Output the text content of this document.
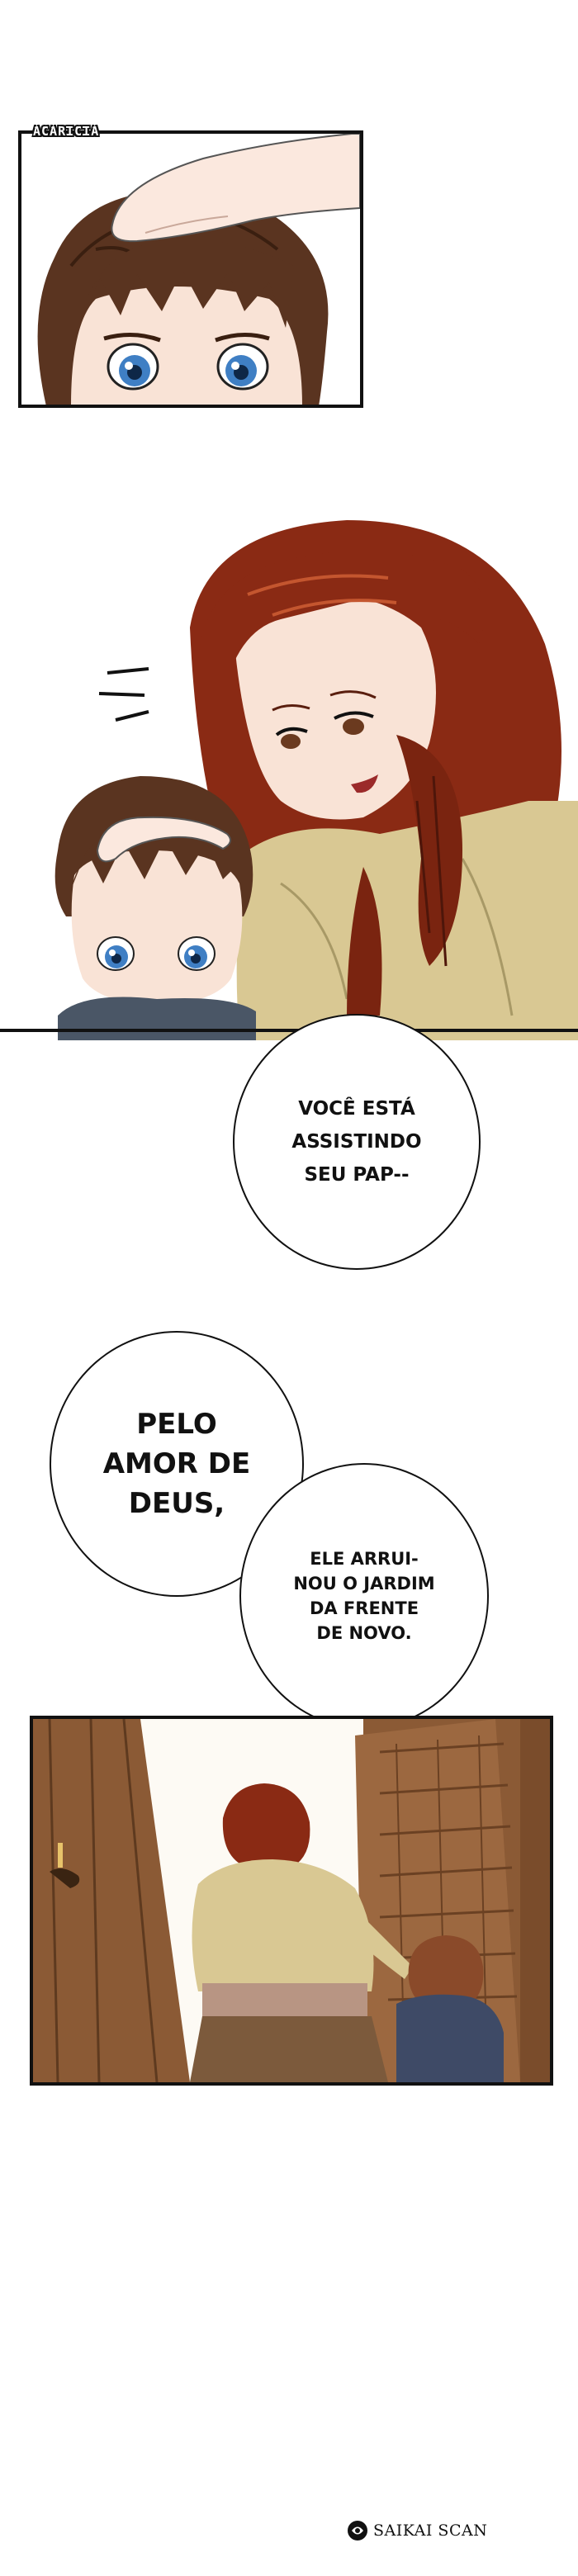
ACARICIA
VOCÊ ESTÁ
ASSISTINDO
SEU PAP--
PELO
AMOR DE
DEUS,
ELE ARRUI-
NOU O JARDIM
DA FRENTE
DE NOVO.
SAIKAI SCAN
